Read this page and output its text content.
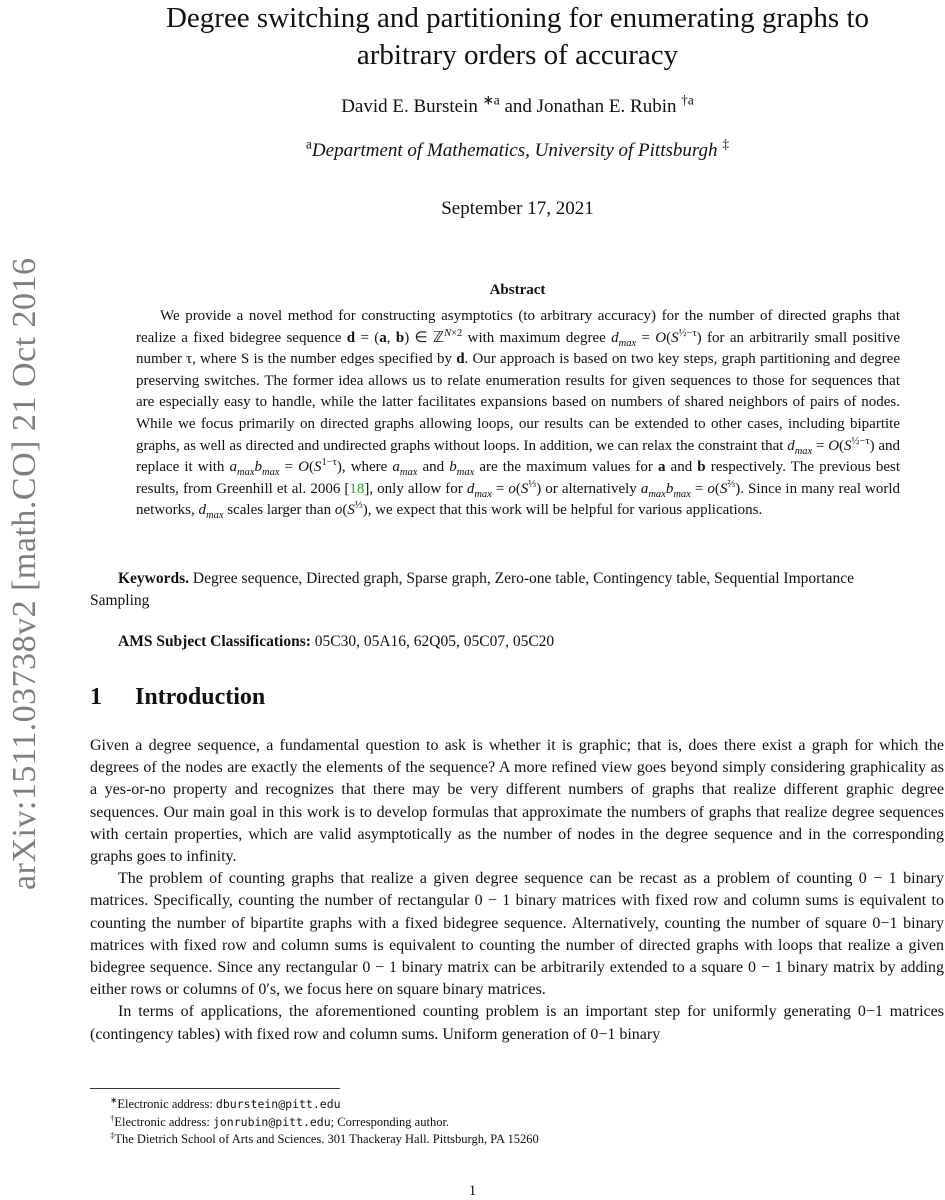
arXiv:1511.03738v2 [math.CO] 21 Oct 2016
Degree switching and partitioning for enumerating graphs to arbitrary orders of accuracy
David E. Burstein $^{∗a}$ and Jonathan E. Rubin $^{\dagger a}$
$^a$Department of Mathematics, University of Pittsburgh ‡
September 17, 2021
Abstract
We provide a novel method for constructing asymptotics (to arbitrary accuracy) for the number of directed graphs that realize a fixed bidegree sequence d = (a, b) ∈ ℤ$^{N\times 2}$ with maximum degree $d_{max} = O(S^{\frac{1}{2}-\tau})$ for an arbitrarily small positive number τ, where S is the number edges specified by d. Our approach is based on two key steps, graph partitioning and degree preserving switches. The former idea allows us to relate enumeration results for given sequences to those for sequences that are especially easy to handle, while the latter facilitates expansions based on numbers of shared neighbors of pairs of nodes. While we focus primarily on directed graphs allowing loops, our results can be extended to other cases, including bipartite graphs, as well as directed and undirected graphs without loops. In addition, we can relax the constraint that $d_{max} = O(S^{\frac{1}{2}-\tau})$ and replace it with $a_{max}b_{max} = O(S^{1-\tau})$, where $a_{max}$ and $b_{max}$ are the maximum values for a and b respectively. The previous best results, from Greenhill et al. 2006 [18], only allow for $d_{max} = o(S^{\frac{1}{3}})$ or alternatively $a_{max}b_{max} = o(S^{\frac{2}{3}})$. Since in many real world networks, $d_{max}$ scales larger than $o(S^{\frac{1}{3}})$, we expect that this work will be helpful for various applications.
Keywords. Degree sequence, Directed graph, Sparse graph, Zero-one table, Contingency table, Sequential Importance Sampling
AMS Subject Classifications: 05C30, 05A16, 62Q05, 05C07, 05C20
1 Introduction

Given a degree sequence, a fundamental question to ask is whether it is graphic; that is, does there exist a graph for which the degrees of the nodes are exactly the elements of the sequence? A more refined view goes beyond simply considering graphicality as a yes-or-no property and recognizes that there may be very different numbers of graphs that realize different graphic degree sequences. Our main goal in this work is to develop formulas that approximate the numbers of graphs that realize degree sequences with certain properties, which are valid asymptotically as the number of nodes in the degree sequence and in the corresponding graphs goes to infinity.

The problem of counting graphs that realize a given degree sequence can be recast as a problem of counting 0 − 1 binary matrices. Specifically, counting the number of rectangular 0 − 1 binary matrices with fixed row and column sums is equivalent to counting the number of bipartite graphs with a fixed bidegree sequence. Alternatively, counting the number of square 0−1 binary matrices with fixed row and column sums is equivalent to counting the number of directed graphs with loops that realize a given bidegree sequence. Since any rectangular 0 − 1 binary matrix can be arbitrarily extended to a square 0 − 1 binary matrix by adding either rows or columns of 0′s, we focus here on square binary matrices.

In terms of applications, the aforementioned counting problem is an important step for uniformly generating 0−1 matrices (contingency tables) with fixed row and column sums. Uniform generation of 0−1 binary

∗Electronic address: dburstein@pitt.edu
†Electronic address: jonrubin@pitt.edu; Corresponding author.
‡The Dietrich School of Arts and Sciences. 301 Thackeray Hall. Pittsburgh, PA 15260
1
